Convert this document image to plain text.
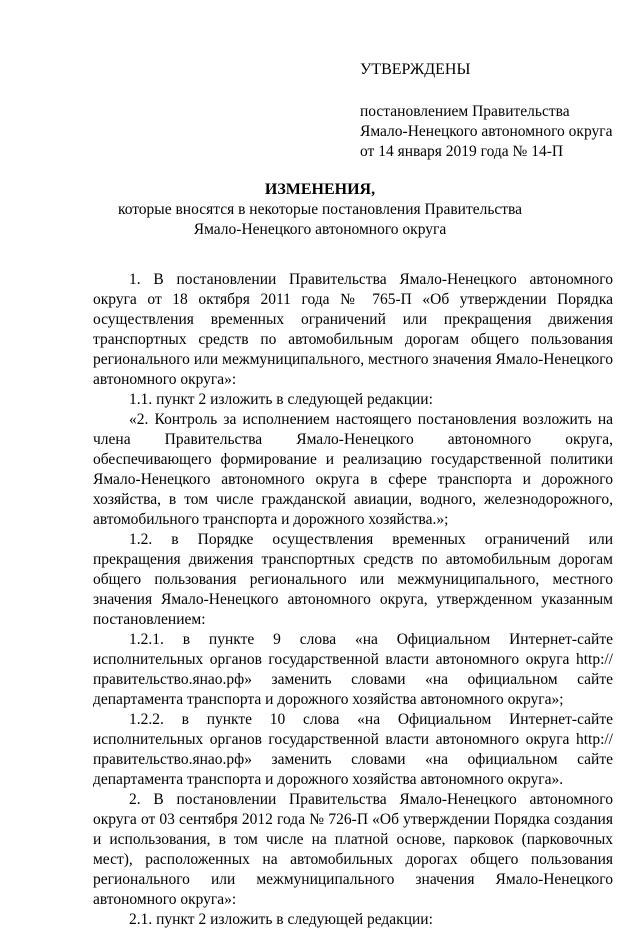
УТВЕРЖДЕНЫ
постановлением Правительства
Ямало-Ненецкого автономного округа
от 14 января 2019 года № 14-П
ИЗМЕНЕНИЯ,
которые вносятся в некоторые постановления Правительства
Ямало-Ненецкого автономного округа

1. В постановлении Правительства Ямало-Ненецкого автономного округа от 18 октября 2011 года № 765-П «Об утверждении Порядка осуществления временных ограничений или прекращения движения транспортных средств по автомобильным дорогам общего пользования регионального или межмуниципального, местного значения Ямало-Ненецкого автономного округа»:

1.1. пункт 2 изложить в следующей редакции:

«2. Контроль за исполнением настоящего постановления возложить на члена Правительства Ямало-Ненецкого автономного округа, обеспечивающего формирование и реализацию государственной политики Ямало-Ненецкого автономного округа в сфере транспорта и дорожного хозяйства, в том числе гражданской авиации, водного, железнодорожного, автомобильного транспорта и дорожного хозяйства.»;

1.2. в Порядке осуществления временных ограничений или прекращения движения транспортных средств по автомобильным дорогам общего пользования регионального или межмуниципального, местного значения Ямало-Ненецкого автономного округа, утвержденном указанным постановлением:

1.2.1. в пункте 9 слова «на Официальном Интернет-сайте исполнительных органов государственной власти автономного округа http://правительство.янао.рф» заменить словами «на официальном сайте департамента транспорта и дорожного хозяйства автономного округа»;

1.2.2. в пункте 10 слова «на Официальном Интернет-сайте исполнительных органов государственной власти автономного округа http://правительство.янао.рф» заменить словами «на официальном сайте департамента транспорта и дорожного хозяйства автономного округа».

2. В постановлении Правительства Ямало-Ненецкого автономного округа от 03 сентября 2012 года № 726-П «Об утверждении Порядка создания и использования, в том числе на платной основе, парковок (парковочных мест), расположенных на автомобильных дорогах общего пользования регионального или межмуниципального значения Ямало-Ненецкого автономного округа»:

2.1. пункт 2 изложить в следующей редакции:
